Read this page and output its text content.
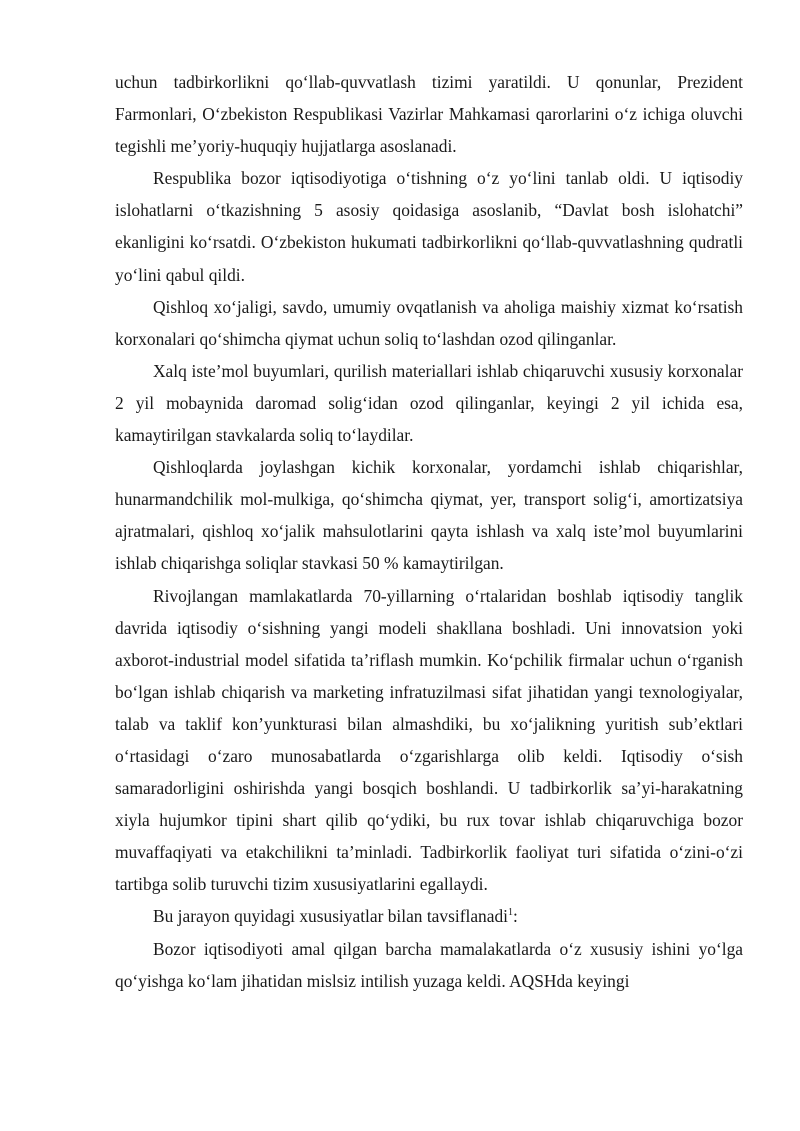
uchun tadbirkorlikni qo‘llab-quvvatlash tizimi yaratildi. U qonunlar, Prezident Farmonlari, O‘zbekiston Respublikasi Vazirlar Mahkamasi qarorlarini o‘z ichiga oluvchi tegishli me’yoriy-huquqiy hujjatlarga asoslanadi.

Respublika bozor iqtisodiyotiga o‘tishning o‘z yo‘lini tanlab oldi. U iqtisodiy islohatlarni o‘tkazishning 5 asosiy qoidasiga asoslanib, “Davlat bosh islohatchi” ekanligini ko‘rsatdi. O‘zbekiston hukumati tadbirkorlikni qo‘llab-quvvatlashning qudratli yo‘lini qabul qildi.

Qishloq xo‘jaligi, savdo, umumiy ovqatlanish va aholiga maishiy xizmat ko‘rsatish korxonalari qo‘shimcha qiymat uchun soliq to‘lashdan ozod qilinganlar.

Xalq iste’mol buyumlari, qurilish materiallari ishlab chiqaruvchi xususiy korxonalar 2 yil mobaynida daromad solig‘idan ozod qilinganlar, keyingi 2 yil ichida esa, kamaytirilgan stavkalarda soliq to‘laydilar.

Qishloqlarda joylashgan kichik korxonalar, yordamchi ishlab chiqarishlar, hunarmandchilik mol-mulkiga, qo‘shimcha qiymat, yer, transport solig‘i, amortizatsiya ajratmalari, qishloq xo‘jalik mahsulotlarini qayta ishlash va xalq iste’mol buyumlarini ishlab chiqarishga soliqlar stavkasi 50 % kamaytirilgan.

Rivojlangan mamlakatlarda 70-yillarning o‘rtalaridan boshlab iqtisodiy tanglik davrida iqtisodiy o‘sishning yangi modeli shakllana boshladi. Uni innovatsion yoki axborot-industrial model sifatida ta’riflash mumkin. Ko‘pchilik firmalar uchun o‘rganish bo‘lgan ishlab chiqarish va marketing infratuzilmasi sifat jihatidan yangi texnologiyalar, talab va taklif kon’yunkturasi bilan almashdiki, bu xo‘jalikning yuritish sub’ektlari o‘rtasidagi o‘zaro munosabatlarda o‘zgarishlarga olib keldi. Iqtisodiy o‘sish samaradorligini oshirishda yangi bosqich boshlandi. U tadbirkorlik sa’yi-harakatning xiyla hujumkor tipini shart qilib qo‘ydiki, bu rux tovar ishlab chiqaruvchiga bozor muvaffaqiyati va etakchilikni ta’minladi. Tadbirkorlik faoliyat turi sifatida o‘zini-o‘zi tartibga solib turuvchi tizim xususiyatlarini egallaydi.

Bu jarayon quyidagi xususiyatlar bilan tavsiflanadi$^1$:

Bozor iqtisodiyoti amal qilgan barcha mamalakatlarda o‘z xususiy ishini yo‘lga qo‘yishga ko‘lam jihatidan mislsiz intilish yuzaga keldi. AQSHda keyingi
